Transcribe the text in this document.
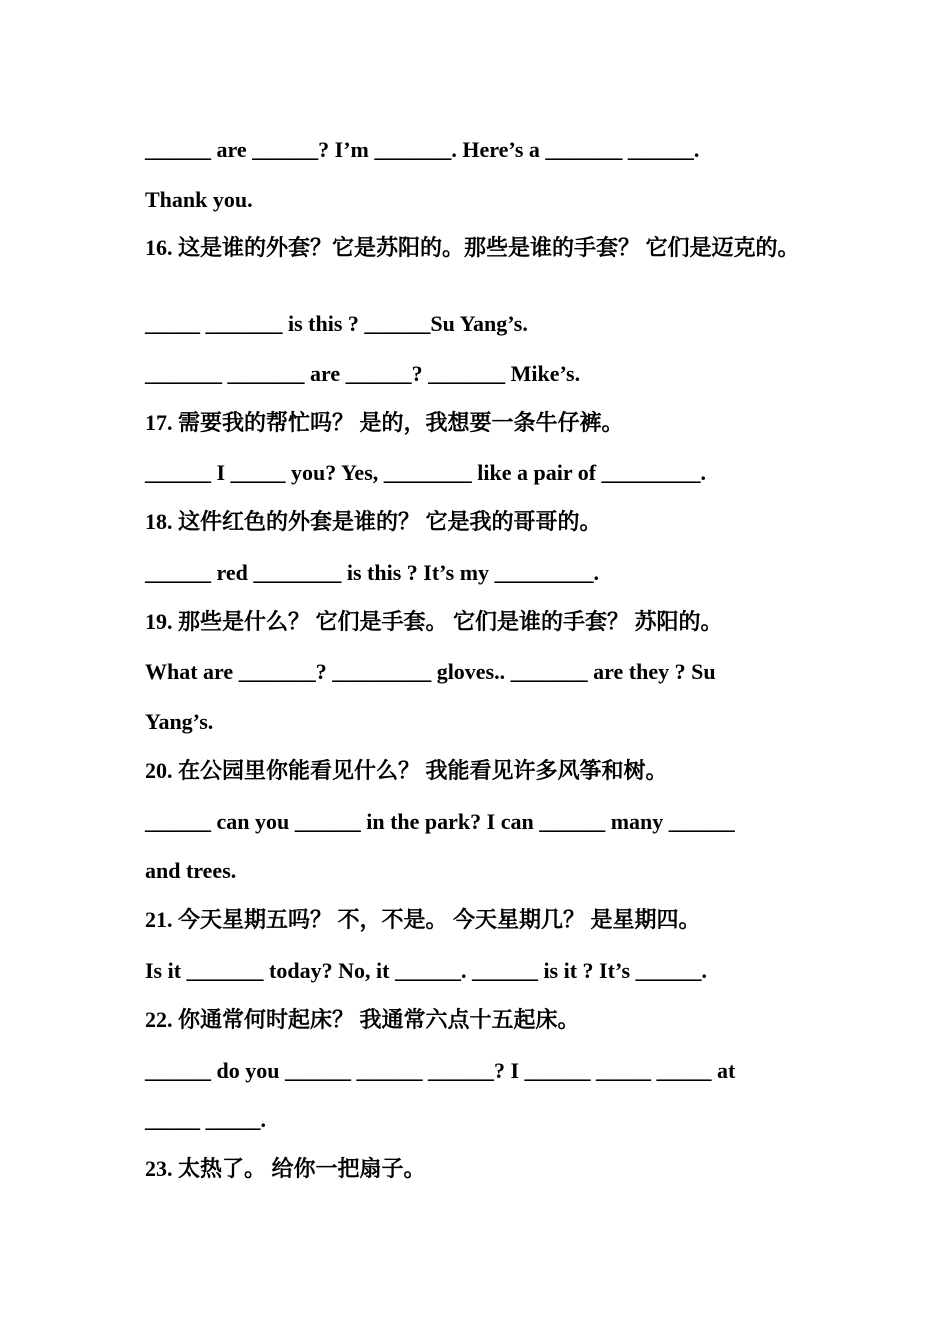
______ are ______? I’m _______. Here’s a _______ ______.
Thank you.
16. 这是谁的外套？它是苏阳的。那些是谁的手套？ 它们是迈克的。
_____ _______ is this ? ______Su Yang’s.
_______ _______ are ______? _______ Mike’s.
17. 需要我的帮忙吗？ 是的，我想要一条牛仔裤。
______ I _____ you? Yes, ________ like a pair of _________.
18. 这件红色的外套是谁的？ 它是我的哥哥的。
______ red ________ is this ? It’s my _________.
19. 那些是什么？ 它们是手套。 它们是谁的手套？ 苏阳的。
What are _______? _________ gloves.. _______ are they ? Su
Yang’s.
20. 在公园里你能看见什么？ 我能看见许多风筝和树。
______ can you ______ in the park? I can ______ many ______
and trees.
21. 今天星期五吗？ 不，不是。 今天星期几？ 是星期四。
Is it _______ today? No, it ______. ______ is it ? It’s ______.
22. 你通常何时起床？ 我通常六点十五起床。
______ do you ______ ______ ______? I ______ _____ _____ at
_____ _____.
23. 太热了。 给你一把扇子。
